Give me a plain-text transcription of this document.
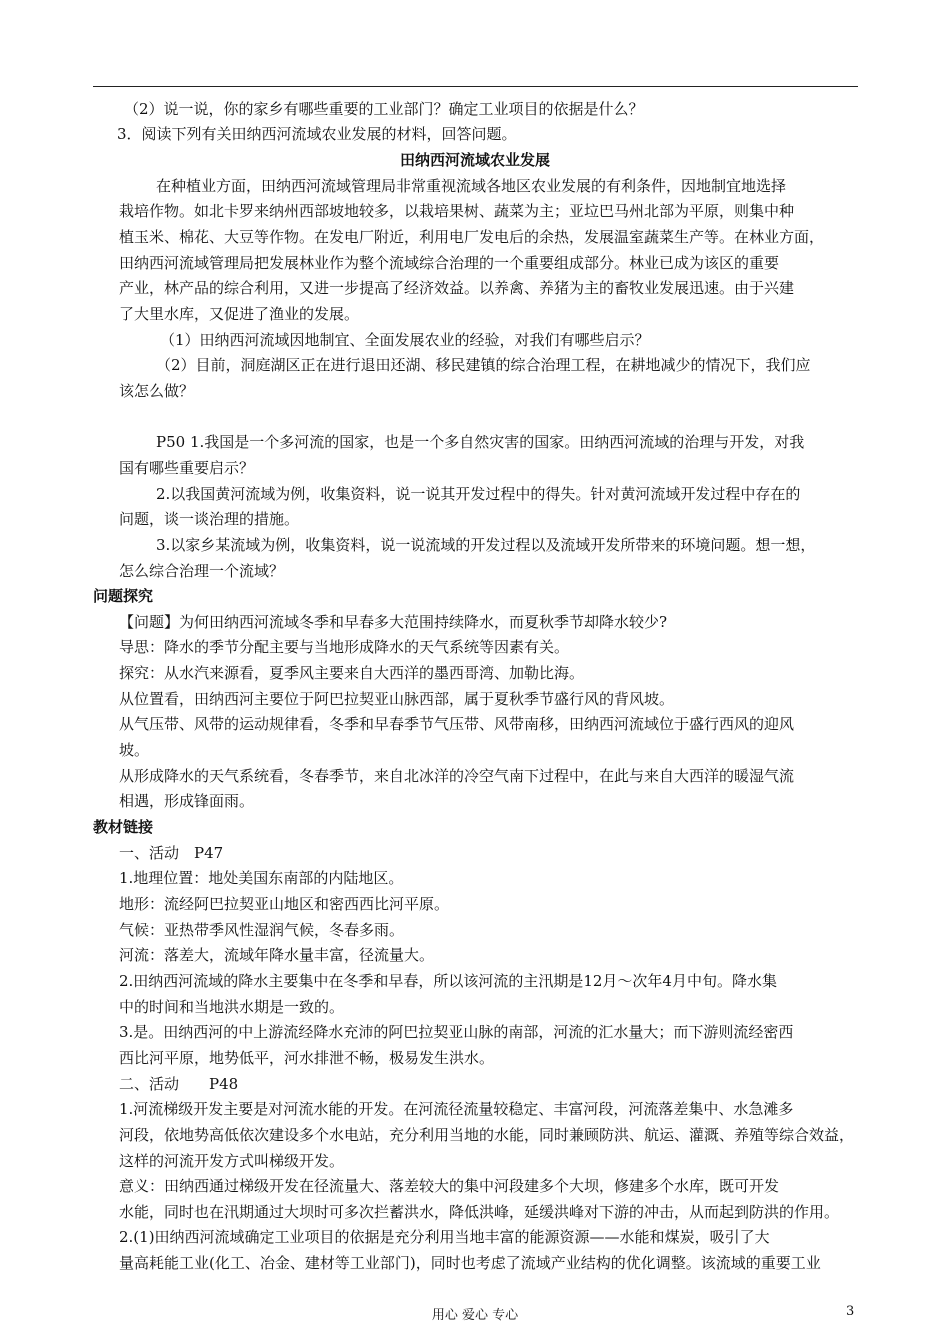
（2）说一说，你的家乡有哪些重要的工业部门？确定工业项目的依据是什么？
3．阅读下列有关田纳西河流域农业发展的材料，回答问题。
田纳西河流域农业发展
在种植业方面，田纳西河流域管理局非常重视流域各地区农业发展的有利条件，因地制宜地选择
栽培作物。如北卡罗来纳州西部坡地较多，以栽培果树、蔬菜为主；亚垃巴马州北部为平原，则集中种
植玉米、棉花、大豆等作物。在发电厂附近，利用电厂发电后的余热，发展温室蔬菜生产等。在林业方面，
田纳西河流域管理局把发展林业作为整个流域综合治理的一个重要组成部分。林业已成为该区的重要
产业，林产品的综合利用，又进一步提高了经济效益。以养禽、养猪为主的畜牧业发展迅速。由于兴建
了大里水库，又促进了渔业的发展。
（1）田纳西河流域因地制宜、全面发展农业的经验，对我们有哪些启示？
（2）目前，洞庭湖区正在进行退田还湖、移民建镇的综合治理工程，在耕地减少的情况下，我们应
该怎么做？
P50 1.我国是一个多河流的国家，也是一个多自然灾害的国家。田纳西河流域的治理与开发，对我
国有哪些重要启示？
2.以我国黄河流域为例，收集资料，说一说其开发过程中的得失。针对黄河流域开发过程中存在的
问题，谈一谈治理的措施。
3.以家乡某流域为例，收集资料，说一说流域的开发过程以及流域开发所带来的环境问题。想一想，
怎么综合治理一个流域？
问题探究
【问题】为何田纳西河流域冬季和早春多大范围持续降水，而夏秋季节却降水较少?
导思：降水的季节分配主要与当地形成降水的天气系统等因素有关。
探究：从水汽来源看，夏季风主要来自大西洋的墨西哥湾、加勒比海。
从位置看，田纳西河主要位于阿巴拉契亚山脉西部，属于夏秋季节盛行风的背风坡。
从气压带、风带的运动规律看，冬季和早春季节气压带、风带南移，田纳西河流域位于盛行西风的迎风
坡。
从形成降水的天气系统看，冬春季节，来自北冰洋的冷空气南下过程中，在此与来自大西洋的暖湿气流
相遇，形成锋面雨。
教材链接
一、活动　P47
1.地理位置：地处美国东南部的内陆地区。
地形：流经阿巴拉契亚山地区和密西西比河平原。
气候：亚热带季风性湿润气候，冬春多雨。
河流：落差大，流域年降水量丰富，径流量大。
2.田纳西河流域的降水主要集中在冬季和早春，所以该河流的主汛期是12月～次年4月中旬。降水集
中的时间和当地洪水期是一致的。
3.是。田纳西河的中上游流经降水充沛的阿巴拉契亚山脉的南部，河流的汇水量大；而下游则流经密西
西比河平原，地势低平，河水排泄不畅，极易发生洪水。
二、活动　　P48
1.河流梯级开发主要是对河流水能的开发。在河流径流量较稳定、丰富河段，河流落差集中、水急滩多
河段，依地势高低依次建设多个水电站，充分利用当地的水能，同时兼顾防洪、航运、灌溉、养殖等综合效益，
这样的河流开发方式叫梯级开发。
意义：田纳西通过梯级开发在径流量大、落差较大的集中河段建多个大坝，修建多个水库，既可开发
水能，同时也在汛期通过大坝时可多次拦蓄洪水，降低洪峰，延缓洪峰对下游的冲击，从而起到防洪的作用。
2.(1)田纳西河流域确定工业项目的依据是充分利用当地丰富的能源资源——水能和煤炭，吸引了大
量高耗能工业(化工、冶金、建材等工业部门)，同时也考虑了流域产业结构的优化调整。该流域的重要工业
用心 爱心 专心	3
